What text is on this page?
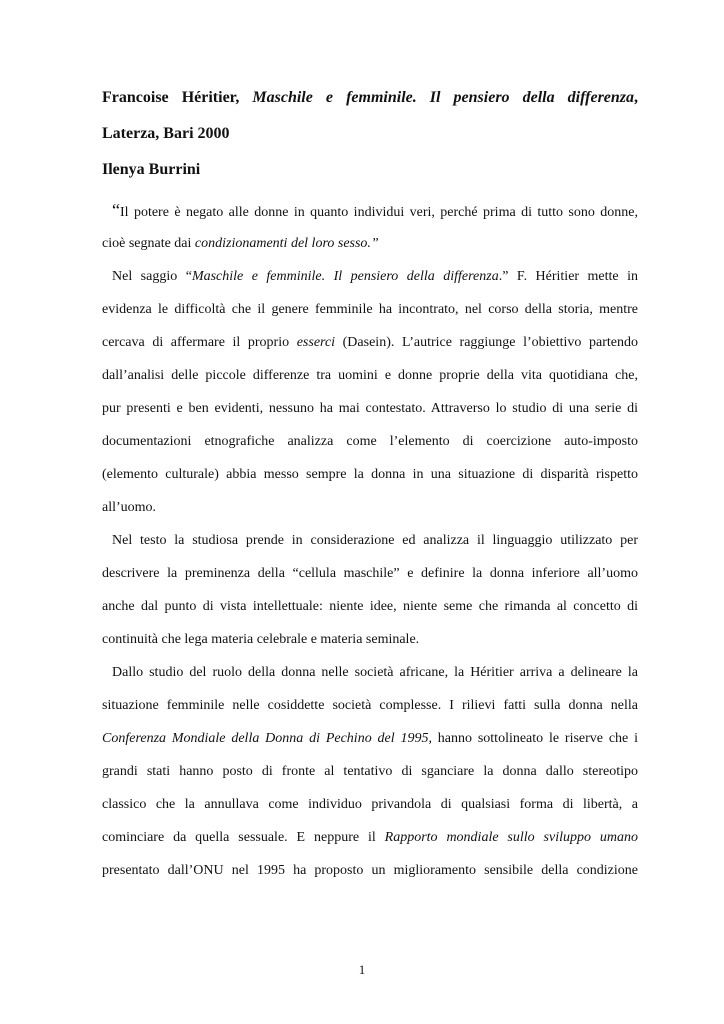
Francoise Héritier, Maschile e femminile. Il pensiero della differenza,
Laterza, Bari 2000
Ilenya Burrini
“Il potere è negato alle donne in quanto individui veri, perché prima di tutto sono donne,
cioè segnate dai condizionamenti del loro sesso.”
Nel saggio “Maschile e femminile. Il pensiero della differenza.” F. Héritier mette in
evidenza le difficoltà che il genere femminile ha incontrato, nel corso della storia, mentre
cercava di affermare il proprio esserci (Dasein). L’autrice raggiunge l’obiettivo partendo
dall’analisi delle piccole differenze tra uomini e donne proprie della vita quotidiana che,
pur presenti e ben evidenti, nessuno ha mai contestato. Attraverso lo studio di una serie di
documentazioni etnografiche analizza come l’elemento di coercizione auto-imposto
(elemento culturale) abbia messo sempre la donna in una situazione di disparità rispetto
all’uomo.
Nel testo la studiosa prende in considerazione ed analizza il linguaggio utilizzato per
descrivere la preminenza della “cellula maschile” e definire la donna inferiore all’uomo
anche dal punto di vista intellettuale: niente idee, niente seme che rimanda al concetto di
continuità che lega materia celebrale e materia seminale.
Dallo studio del ruolo della donna nelle società africane, la Héritier arriva a delineare la
situazione femminile nelle cosiddette società complesse. I rilievi fatti sulla donna nella
Conferenza Mondiale della Donna di Pechino del 1995, hanno sottolineato le riserve che i
grandi stati hanno posto di fronte al tentativo di sganciare la donna dallo stereotipo
classico che la annullava come individuo privandola di qualsiasi forma di libertà, a
cominciare da quella sessuale. E neppure il Rapporto mondiale sullo sviluppo umano
presentato dall’ONU nel 1995 ha proposto un miglioramento sensibile della condizione
1
